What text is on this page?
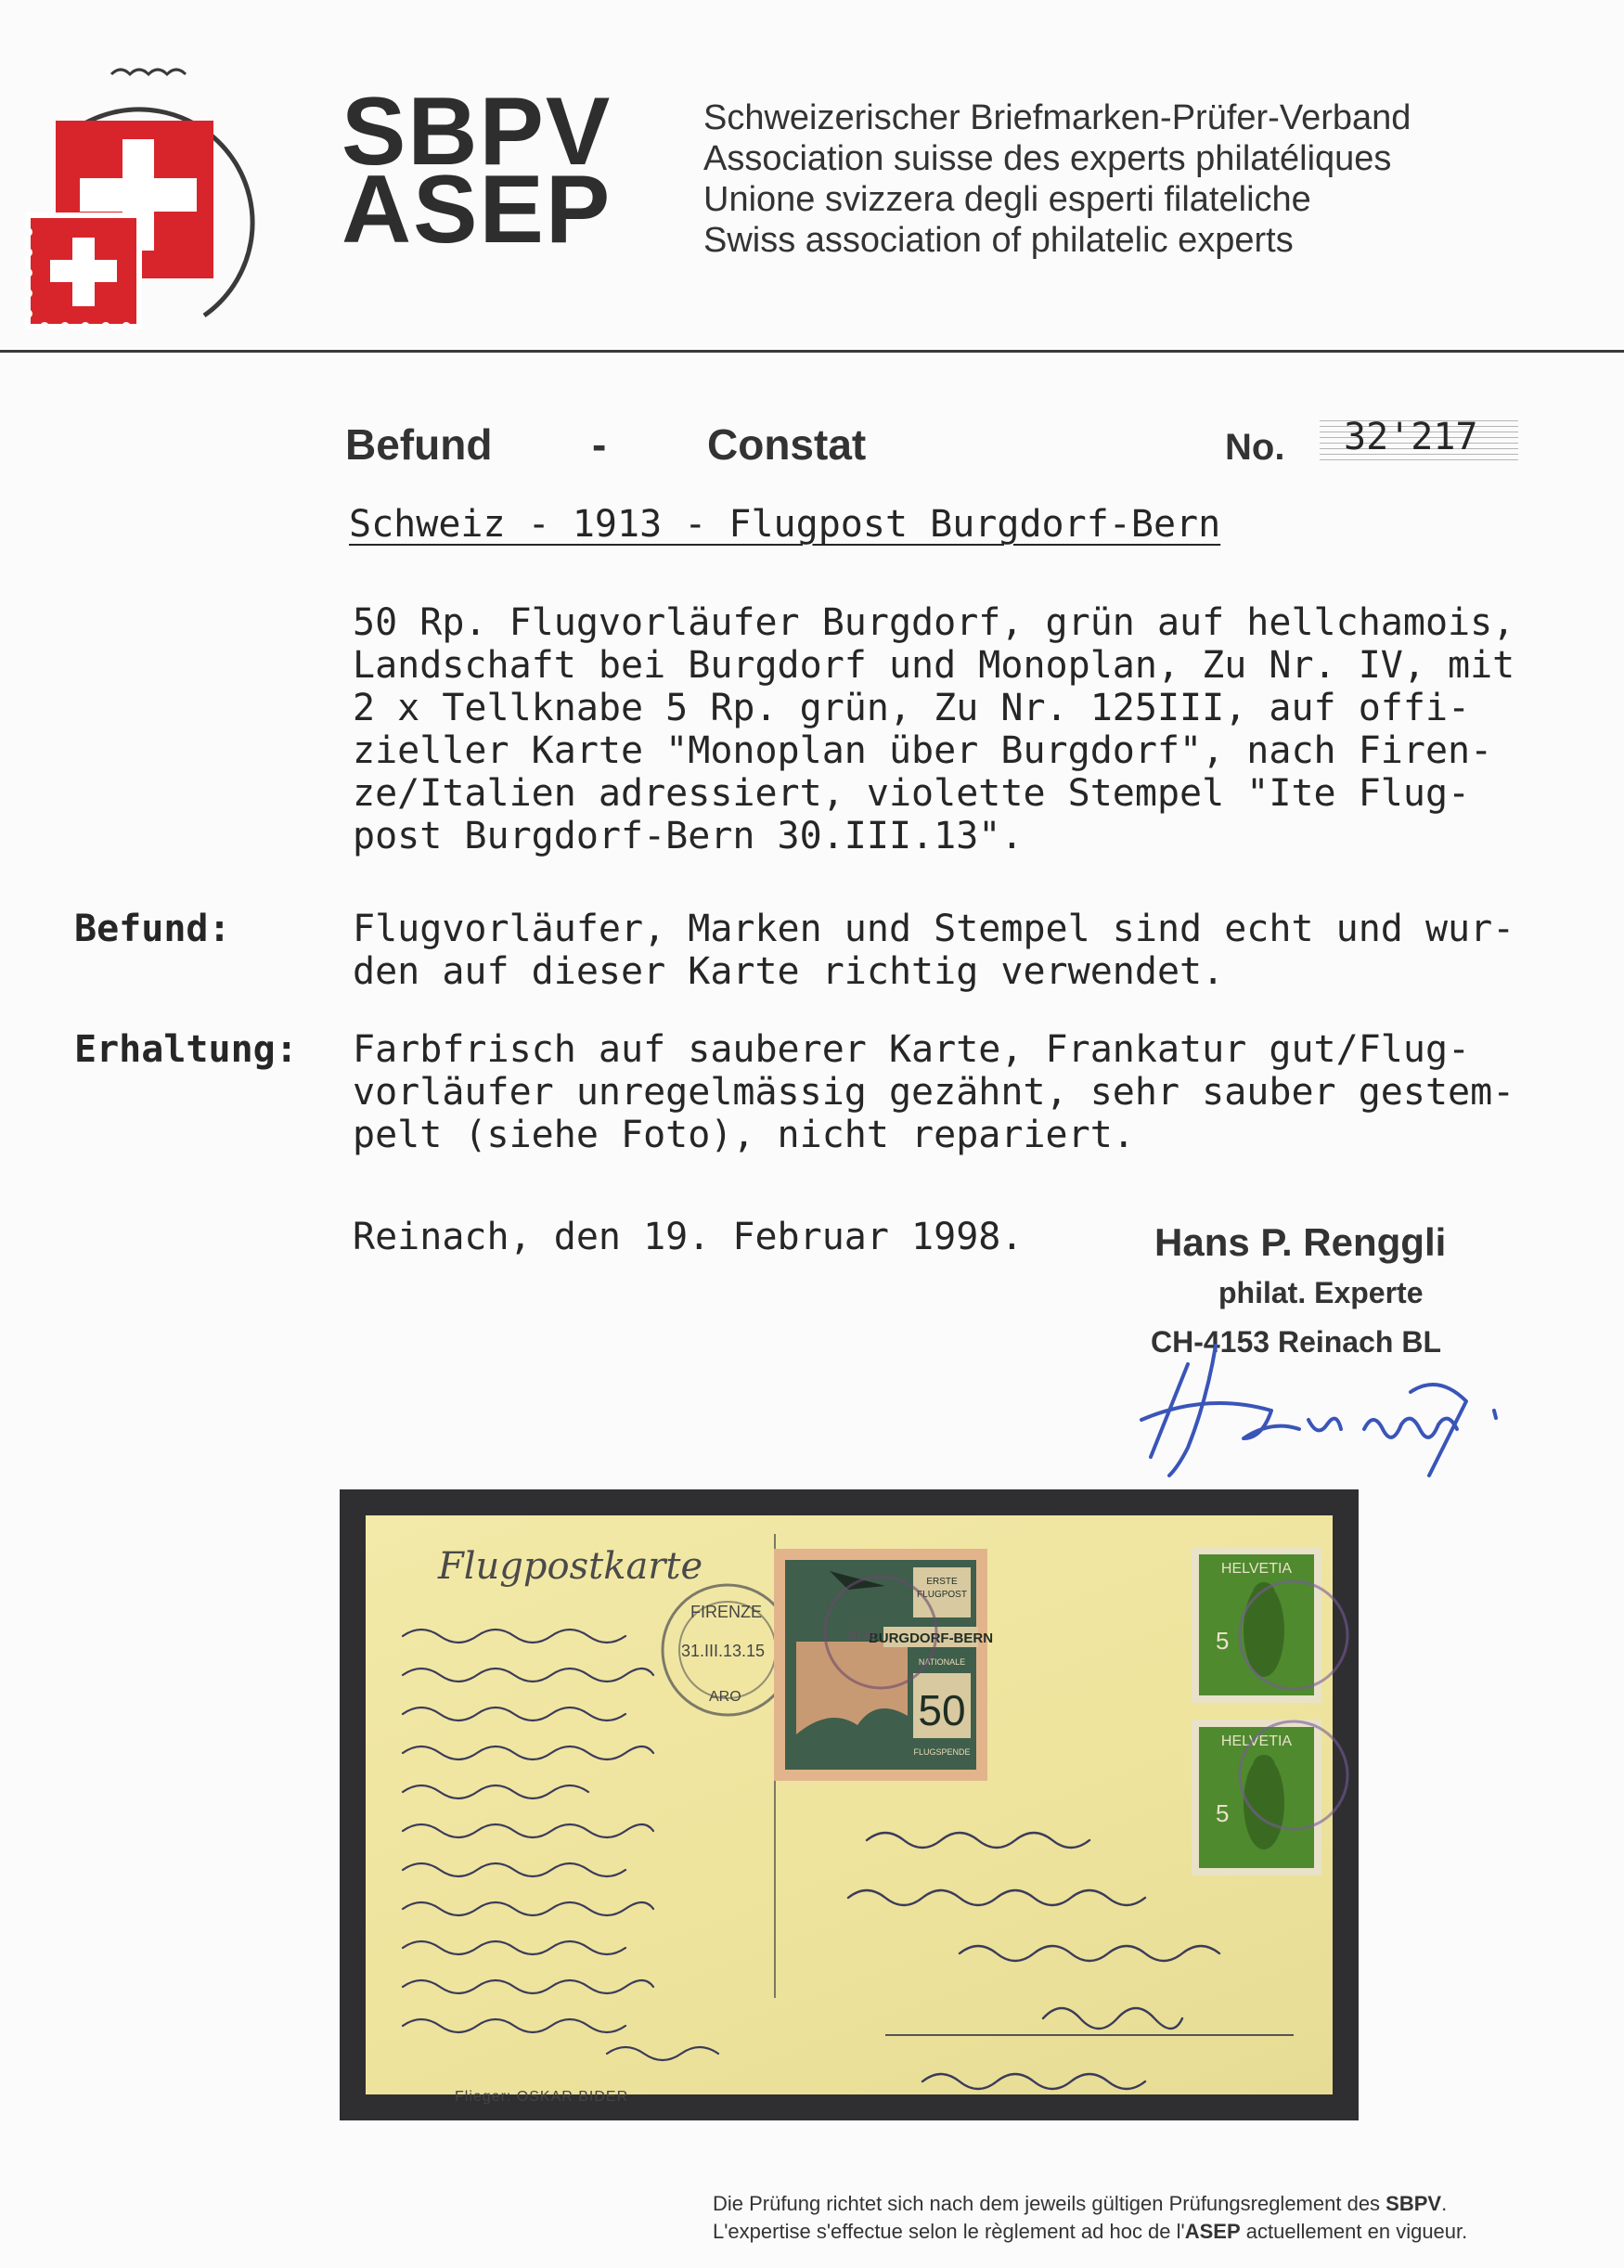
SBPV
ASEP
Schweizerischer Briefmarken-Prüfer-Verband
Association suisse des experts philatéliques
Unione svizzera degli esperti filateliche
Swiss association of philatelic experts
Befund - Constat	No. 32'217
Schweiz - 1913 - Flugpost Burgdorf-Bern
50 Rp. Flugvorläufer Burgdorf, grün auf hellchamois,
Landschaft bei Burgdorf und Monoplan, Zu Nr. IV, mit
2 x Tellknabe 5 Rp. grün, Zu Nr. 125III, auf offi-
zieller Karte "Monoplan über Burgdorf", nach Firen-
ze/Italien adressiert, violette Stempel "Ite Flug-
post Burgdorf-Bern 30.III.13".
Befund:	Flugvorläufer, Marken und Stempel sind echt und wur-
den auf dieser Karte richtig verwendet.
Erhaltung: Farbfrisch auf sauberer Karte, Frankatur gut/Flug-
vorläufer unregelmässig gezähnt, sehr sauber gestem-
pelt (siehe Foto), nicht repariert.
Reinach, den 19. Februar 1998.	Hans P. Renggli
philat. Experte
CH-4153 Reinach BL
Flugpostkarte
Flieger: OSKAR BIDER
FIRENZE
31.III.13.15
ARO
ERSTE
FLUGPOST
BURGDORF-BERN
NATIONALE
50
FLUGSPENDE
30.III.
HELVETIA
5
HELVETIA
5
Die Prüfung richtet sich nach dem jeweils gültigen Prüfungsreglement des SBPV.
L'expertise s'effectue selon le règlement ad hoc de l'ASEP actuellement en vigueur.
